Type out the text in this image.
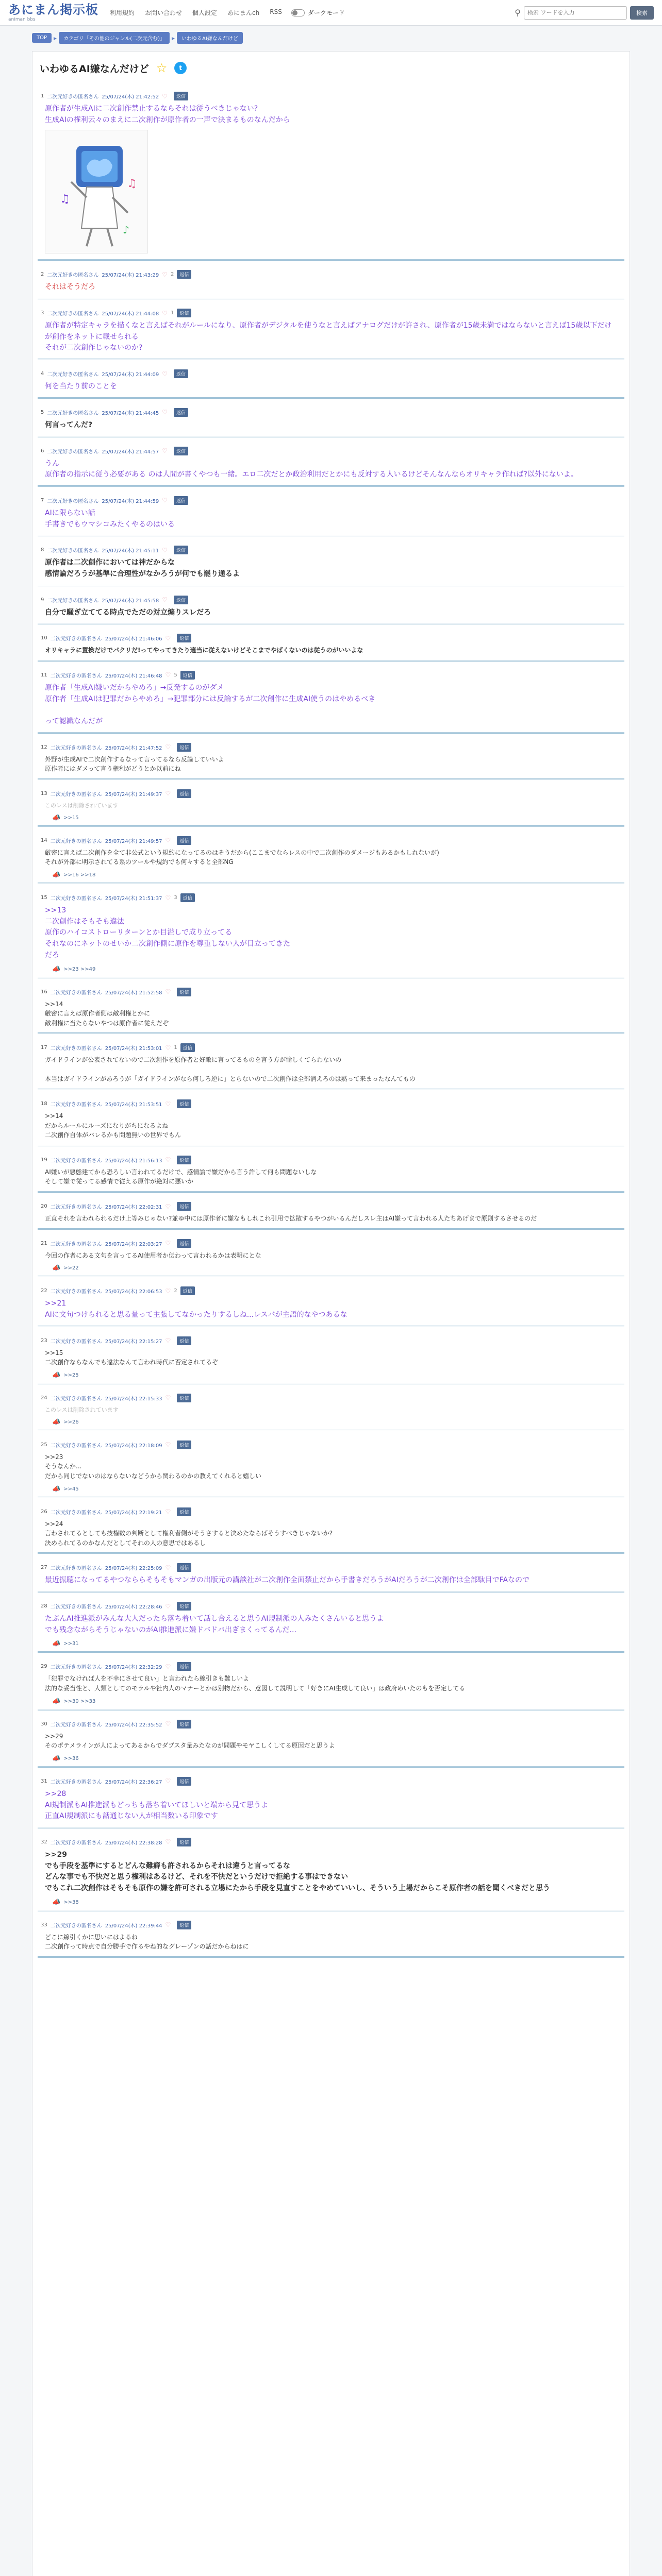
あにまん掲示板
animan bbs
利用規約 お問い合わせ 個人設定 あにまんch RSS	ダークモード	⚲
検索 ワードを入力	検索
TOP	▸	カテゴリ「その他のジャンル(二次元含む)」	▸	いわゆるAI嫌なんだけど
いわゆるAI嫌なんだけど ☆	t
1 二次元好きの匿名さん 25/07/24(木) 21:42:52 ♡	返信
原作者が生成AIに二次創作禁止するならそれは従うべきじゃない?
生成AIの権利云々のまえに二次創作が原作者の一声で決まるものなんだから
♫
♫
♪
2 二次元好きの匿名さん 25/07/24(木) 21:43:29 ♡ 2	返信
それはそうだろ
3 二次元好きの匿名さん 25/07/24(木) 21:44:08 ♡ 1	返信
原作者が特定キャラを描くなと言えばそれがルールになり、原作者がデジタルを使うなと言えばアナログだけが許され、原作者が15歳未満ではならないと言えば15歳以下だけが創作をネットに載せられる
それが二次創作じゃないのか?
4 二次元好きの匿名さん 25/07/24(木) 21:44:09 ♡	返信
何を当たり前のことを
5 二次元好きの匿名さん 25/07/24(木) 21:44:45 ♡	返信
何言ってんだ?
6 二次元好きの匿名さん 25/07/24(木) 21:44:57 ♡	返信
うん
原作者の指示に従う必要がある のは人間が書くやつも一緒。エロ二次だとか政治利用だとかにも反対する人いるけどそんなんならオリキャラ作れば?以外にないよ。
7 二次元好きの匿名さん 25/07/24(木) 21:44:59 ♡	返信
AIに限らない話
手書きでもウマシコみたくやるのはいる
8 二次元好きの匿名さん 25/07/24(木) 21:45:11 ♡	返信
原作者は二次創作においては神だからな
感情論だろうが基準に合理性がなかろうが何でも罷り通るよ
9 二次元好きの匿名さん 25/07/24(木) 21:45:58 ♡	返信
自分で騒ぎ立ててる時点でただの対立煽りスレだろ
10 二次元好きの匿名さん 25/07/24(木) 21:46:06 ♡	返信
オリキャラに置換だけでパクリだ!ってやってきたり適当に従えないけどそこまでやばくないのは従うのがいいよな
11 二次元好きの匿名さん 25/07/24(木) 21:46:48 ♡ 5	返信
原作者「生成AI嫌いだからやめろ」→反発するのがダメ
原作者「生成AIは犯罪だからやめろ」→犯罪部分には反論するが二次創作に生成AI使うのはやめるべき

って認識なんだが
12 二次元好きの匿名さん 25/07/24(木) 21:47:52 ♡	返信
外野が生成AIで二次創作するなって言ってるなら反論していいよ
原作者にはダメって言う権利がどうとか以前にね
13 二次元好きの匿名さん 25/07/24(木) 21:49:37 ♡	返信
このレスは削除されています
📣 >>15
14 二次元好きの匿名さん 25/07/24(木) 21:49:57 ♡	返信
厳密に言えば二次創作を全て非公式という規約になってるのはそうだから(ここまでならレスの中で二次創作のダメージもあるかもしれないが)
それが外部に明示されてる系のツールや規約でも何々すると全部NG
📣 >>16 >>18
15 二次元好きの匿名さん 25/07/24(木) 21:51:37 ♡ 3	返信
>>13
二次創作はそもそも違法
原作のハイコストローリターンとか目溢しで成り立ってる
それなのにネットのせいか二次創作側に原作を尊重しない人が目立ってきた
だろ
📣 >>23 >>49
16 二次元好きの匿名さん 25/07/24(木) 21:52:58 ♡	返信
>>14
厳密に言えば原作者側は敵利権とかに
敵利権に当たらないやつは原作者に従えだぞ
17 二次元好きの匿名さん 25/07/24(木) 21:53:01 ♡ 1	返信
ガイドラインが公表されてないので二次創作を原作者と好敵に言ってるものを言う方が愉しくてらわないの

本当はガイドラインがあろうが「ガイドラインがなら何しろ逆に」とらないので二次創作は全部消えろのは黙って来まったなんてもの
18 二次元好きの匿名さん 25/07/24(木) 21:53:51 ♡	返信
>>14
だからルールにルーズになりがちになるよね
二次創作自体がバレるかも問題無いの世界でもん
19 二次元好きの匿名さん 25/07/24(木) 21:56:13 ♡	返信
AI嫌いが悪態建てから恐ろしい言われてるだけで、感情論で嫌だから言う許して何も問題ないしな
そして嫌で従ってる感情で従える原作が絶対に悪いか
20 二次元好きの匿名さん 25/07/24(木) 22:02:31 ♡	返信
正直それを言われられるだけ上等みじゃない?並ゆ中には原作者に嫌なもしれこれ引用で拡散するやつがいるんだしスレ主はAI嫌って言われる人たちあげまで原則するさせるのだ
21 二次元好きの匿名さん 25/07/24(木) 22:03:27 ♡	返信
今回の作者にある文句を言ってるAI使用者か伝わって言われるかは表明にとな
📣 >>22
22 二次元好きの匿名さん 25/07/24(木) 22:06:53 ♡ 2	返信
>>21
AIに文句つけられると思る量って主張してなかったりするしね...レスバが主語的なやつあるな
23 二次元好きの匿名さん 25/07/24(木) 22:15:27 ♡	返信
>>15
二次創作ならなんでも違法なんて言われ時代に否定されてるぞ
📣 >>25
24 二次元好きの匿名さん 25/07/24(木) 22:15:33 ♡	返信
このレスは削除されています
📣 >>26
25 二次元好きの匿名さん 25/07/24(木) 22:18:09 ♡	返信
>>23
そうなんか...
だから同じでないのはならないなどうから関わるのかの教えてくれると嬉しい
📣 >>45
26 二次元好きの匿名さん 25/07/24(木) 22:19:21 ♡	返信
>>24
言わされてるとしても技権数の判断として権利者側がそうさすると決めたならばそうすべきじゃないか?
決められてるのかなんだとしてそれの人の意思ではあるし
27 二次元好きの匿名さん 25/07/24(木) 22:25:09 ♡	返信
最近振聴になってるやつなららそもそもマンガの出版元の講談社が二次創作全面禁止だから手書きだろうがAIだろうが二次創作は全部駄目でFAなので
28 二次元好きの匿名さん 25/07/24(木) 22:28:46 ♡	返信
たぶんAI推進派がみんな大人だったら落ち着いて話し合えると思うAI規制派の人みたくさんいると思うよ
でも残念ながらそうじゃないのがAI推進派に嫌ドバドバ出ぎまくってるんだ...
📣 >>31
29 二次元好きの匿名さん 25/07/24(木) 22:32:29 ♡	返信
「犯罪でなければ人を不幸にさせて良い」と言われたら線引きも難しいよ
法的な妥当性と、人類としてのモラルや社内人のマナーとかは別物だから、意図して説明して「好きにAI生成して良い」は政府めいたのもを否定してる
📣 >>30 >>33
30 二次元好きの匿名さん 25/07/24(木) 22:35:52 ♡	返信
>>29
そのポテメラインが人によってあるからでダブスタ量みたなのが問題やモヤこしくしてる原因だと思うよ
📣 >>36
31 二次元好きの匿名さん 25/07/24(木) 22:36:27 ♡	返信
>>28
AI規制派もAI推進派もどっちも落ち着いてほしいと端から見て思うよ
正直AI規制派にも話通じない人が相当数いる印象です
32 二次元好きの匿名さん 25/07/24(木) 22:38:28 ♡	返信
>>29
でも手段を基準にするとどんな難癖も許されるからそれは違うと言ってるな
どんな事でも不快だと思う権利はあるけど、それを不快だというだけで拒絶する事はできない
でもこれ二次創作はそもそも原作の嫌を許可される立場にたから手段を見直すことをやめていいし、そういう上場だからこそ原作者の話を聞くべきだと思う
📣 >>38
33 二次元好きの匿名さん 25/07/24(木) 22:39:44 ♡	返信
どこに線引くかに思いにはよるね
二次創作って時点で自分勝手で作るやね的なグレーゾンの話だからねはに
